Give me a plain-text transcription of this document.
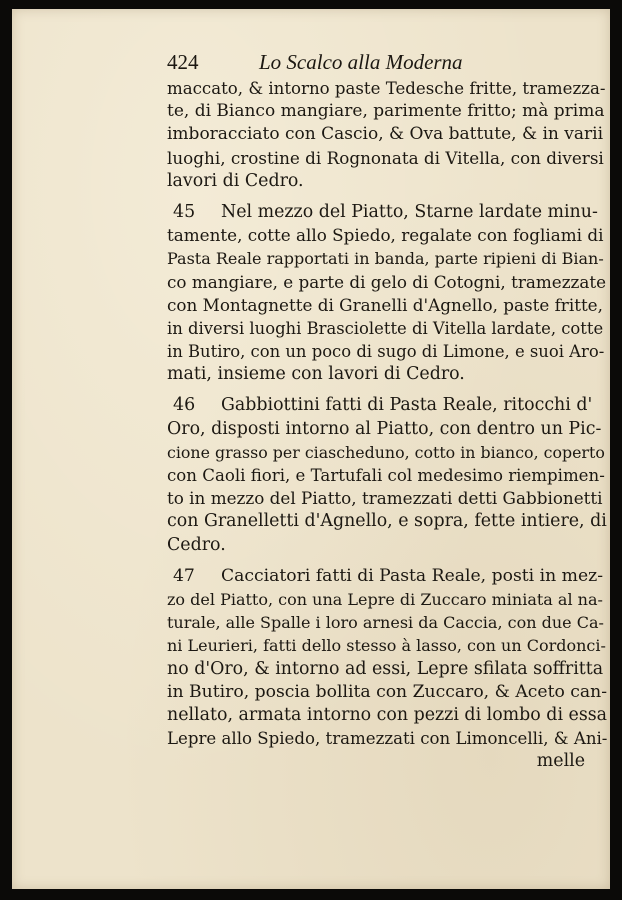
424	Lo Scalco alla Moderna
maccato, & intorno paste Tedesche fritte, tramezza-
te, di Bianco mangiare, parimente fritto; mà prima
imboracciato con Cascio, & Ova battute, & in varii
luoghi, crostine di Rognonata di Vitella, con diversi
lavori di Cedro.
45 Nel mezzo del Piatto, Starne lardate minu-
tamente, cotte allo Spiedo, regalate con fogliami di
Pasta Reale rapportati in banda, parte ripieni di Bian-
co mangiare, e parte di gelo di Cotogni, tramezzate
con Montagnette di Granelli d'Agnello, paste fritte,
in diversi luoghi Brasciolette di Vitella lardate, cotte
in Butiro, con un poco di sugo di Limone, e suoi Aro-
mati, insieme con lavori di Cedro.
46 Gabbiottini fatti di Pasta Reale, ritocchi d'
Oro, disposti intorno al Piatto, con dentro un Pic-
cione grasso per ciascheduno, cotto in bianco, coperto
con Caoli fiori, e Tartufali col medesimo riempimen-
to in mezzo del Piatto, tramezzati detti Gabbionetti
con Granelletti d'Agnello, e sopra, fette intiere, di
Cedro.
47 Cacciatori fatti di Pasta Reale, posti in mez-
zo del Piatto, con una Lepre di Zuccaro miniata al na-
turale, alle Spalle i loro arnesi da Caccia, con due Ca-
ni Leurieri, fatti dello stesso à lasso, con un Cordonci-
no d'Oro, & intorno ad essi, Lepre sfilata soffritta
in Butiro, poscia bollita con Zuccaro, & Aceto can-
nellato, armata intorno con pezzi di lombo di essa
Lepre allo Spiedo, tramezzati con Limoncelli, & Ani-
melle
